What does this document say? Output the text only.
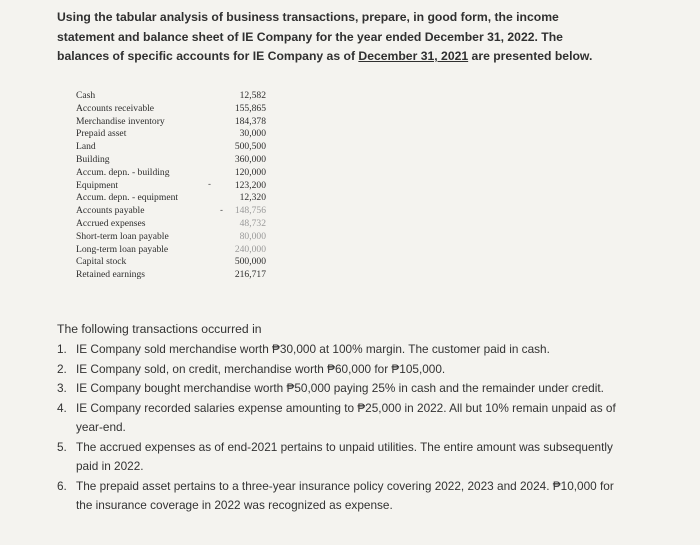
Using the tabular analysis of business transactions, prepare, in good form, the income statement and balance sheet of IE Company for the year ended December 31, 2022. The balances of specific accounts for IE Company as of December 31, 2021 are presented below.
Cash	12,582
Accounts receivable	155,865
Merchandise inventory	184,378
Prepaid asset	30,000
Land	500,500
Building	360,000
Accum. depn. - building	120,000
Equipment	123,200
Accum. depn. - equipment	12,320
Accounts payable	148,756
Accrued expenses	48,732
Short-term loan payable	80,000
Long-term loan payable	240,000
Capital stock	500,000
Retained earnings	216,717
-
-
The following transactions occurred in
1. IE Company sold merchandise worth ₱30,000 at 100% margin. The customer paid in cash.
2. IE Company sold, on credit, merchandise worth ₱60,000 for ₱105,000.
3. IE Company bought merchandise worth ₱50,000 paying 25% in cash and the remainder under credit.
4. IE Company recorded salaries expense amounting to ₱25,000 in 2022. All but 10% remain unpaid as of year-end.
5. The accrued expenses as of end-2021 pertains to unpaid utilities. The entire amount was subsequently paid in 2022.
6. The prepaid asset pertains to a three-year insurance policy covering 2022, 2023 and 2024. ₱10,000 for the insurance coverage in 2022 was recognized as expense.
